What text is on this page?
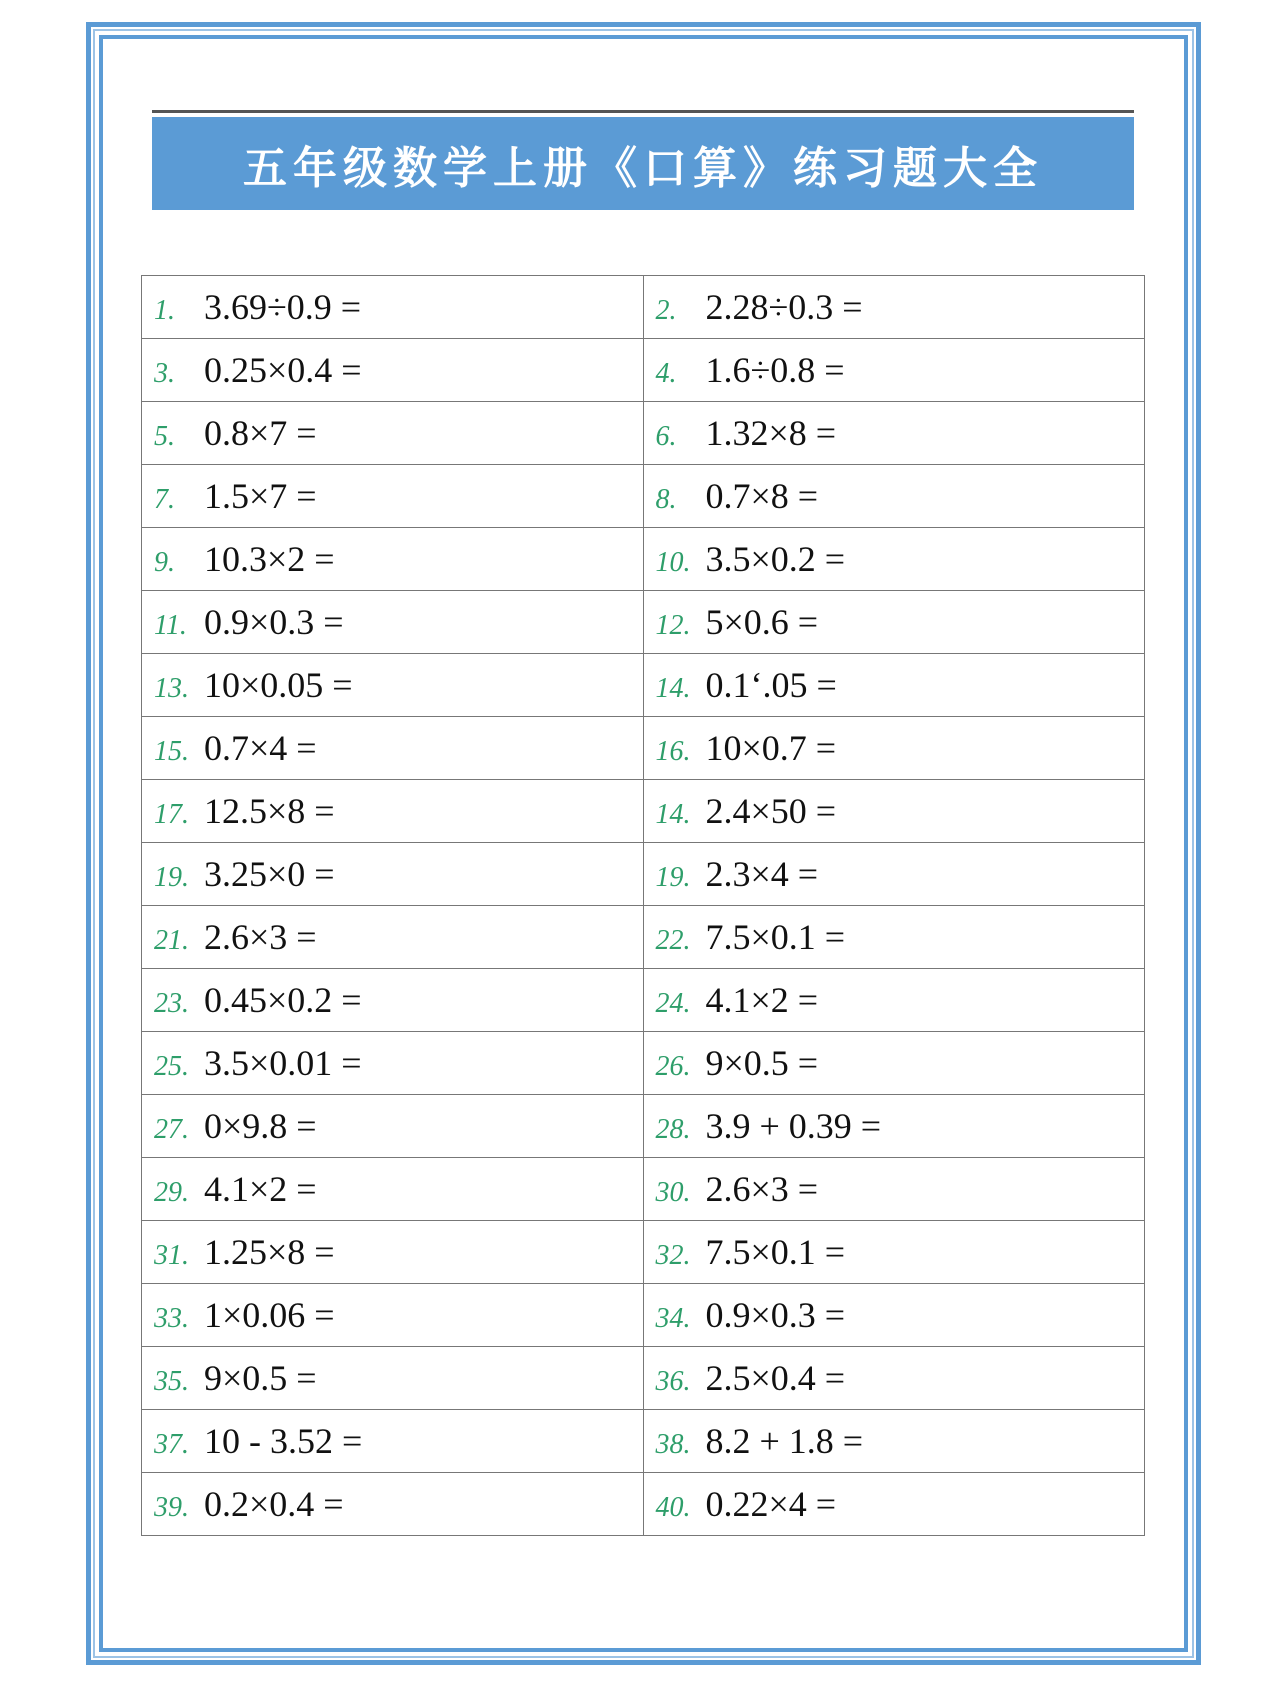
五年级数学上册《口算》练习题大全
1. 3.69÷0.9 =	2. 2.28÷0.3 =
3. 0.25×0.4 =	4. 1.6÷0.8 =
5. 0.8×7 =	6. 1.32×8 =
7. 1.5×7 =	8. 0.7×8 =
9. 10.3×2 =	10. 3.5×0.2 =
11. 0.9×0.3 =	12. 5×0.6 =
13. 10×0.05 =	14. 0.1‘.05 =
15. 0.7×4 =	16. 10×0.7 =
17. 12.5×8 =	14. 2.4×50 =
19. 3.25×0 =	19. 2.3×4 =
21. 2.6×3 =	22. 7.5×0.1 =
23. 0.45×0.2 =	24. 4.1×2 =
25. 3.5×0.01 =	26. 9×0.5 =
27. 0×9.8 =	28. 3.9 + 0.39 =
29. 4.1×2 =	30. 2.6×3 =
31. 1.25×8 =	32. 7.5×0.1 =
33. 1×0.06 =	34. 0.9×0.3 =
35. 9×0.5 =	36. 2.5×0.4 =
37. 10 - 3.52 =	38. 8.2 + 1.8 =
39. 0.2×0.4 =	40. 0.22×4 =
